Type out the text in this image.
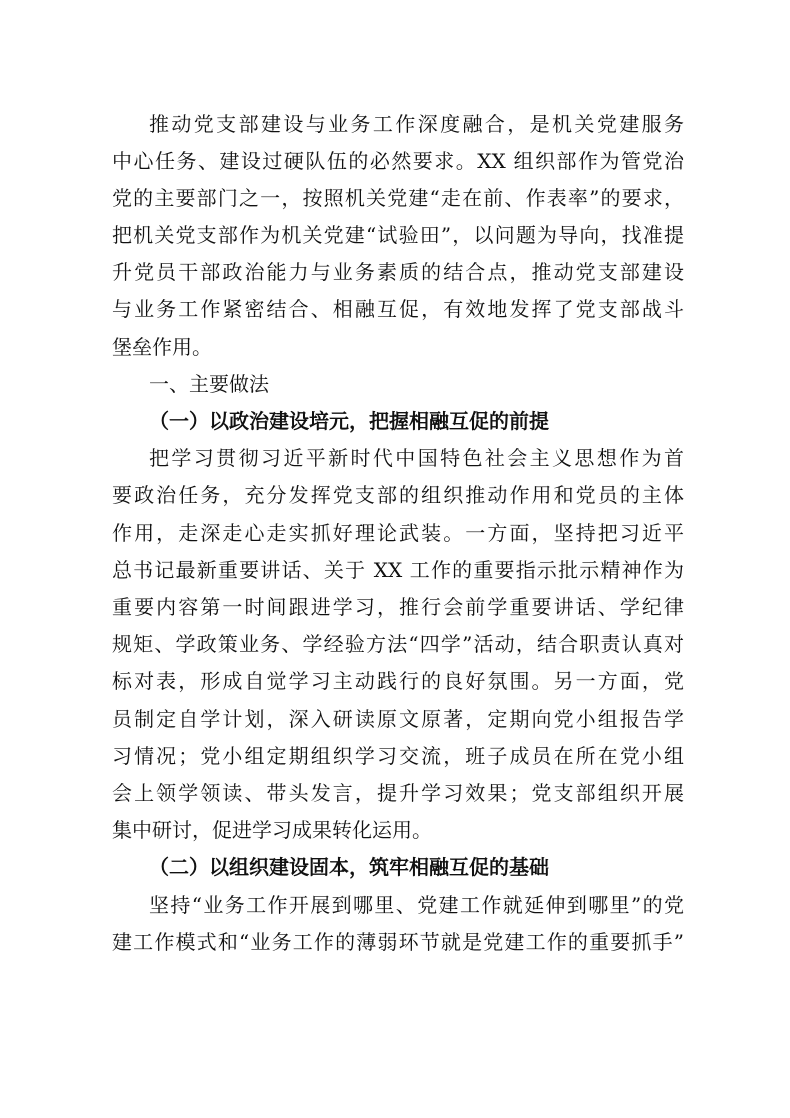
推动党支部建设与业务工作深度融合，是机关党建服务
中心任务、建设过硬队伍的必然要求。XX 组织部作为管党治
党的主要部门之一，按照机关党建“走在前、作表率”的要求，
把机关党支部作为机关党建“试验田”，以问题为导向，找准提
升党员干部政治能力与业务素质的结合点，推动党支部建设
与业务工作紧密结合、相融互促，有效地发挥了党支部战斗
堡垒作用。
一、主要做法
（一）以政治建设培元，把握相融互促的前提
把学习贯彻习近平新时代中国特色社会主义思想作为首
要政治任务，充分发挥党支部的组织推动作用和党员的主体
作用，走深走心走实抓好理论武装。一方面，坚持把习近平
总书记最新重要讲话、关于 XX 工作的重要指示批示精神作为
重要内容第一时间跟进学习，推行会前学重要讲话、学纪律
规矩、学政策业务、学经验方法“四学”活动，结合职责认真对
标对表，形成自觉学习主动践行的良好氛围。另一方面，党
员制定自学计划，深入研读原文原著，定期向党小组报告学
习情况；党小组定期组织学习交流，班子成员在所在党小组
会上领学领读、带头发言，提升学习效果；党支部组织开展
集中研讨，促进学习成果转化运用。
（二）以组织建设固本，筑牢相融互促的基础
坚持“业务工作开展到哪里、党建工作就延伸到哪里”的党
建工作模式和“业务工作的薄弱环节就是党建工作的重要抓手”
